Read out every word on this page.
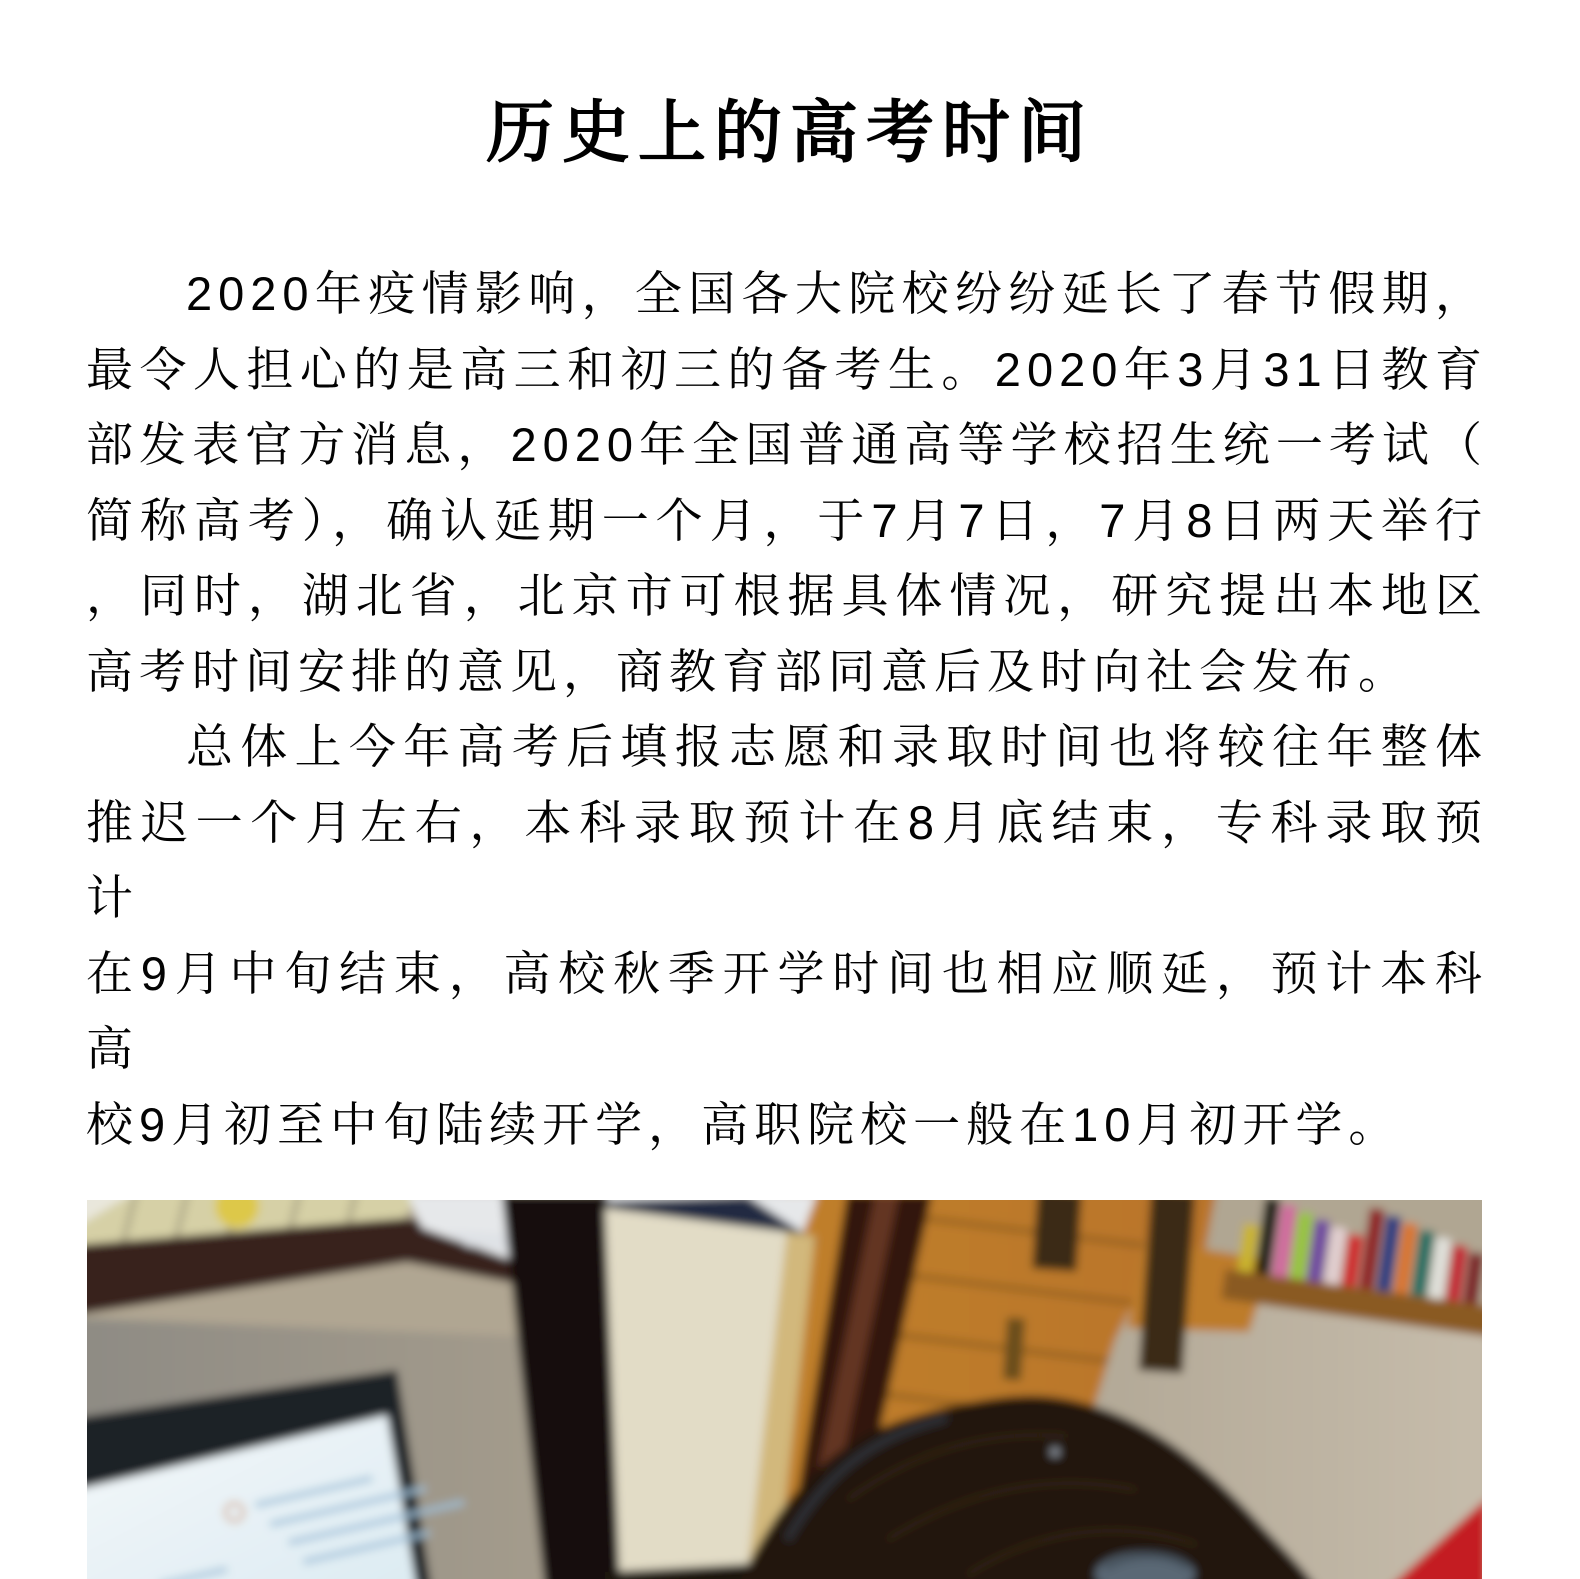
历史上的高考时间
2020年疫情影响，全国各大院校纷纷延长了春节假期，
最令人担心的是高三和初三的备考生。2020年3月31日教育
部发表官方消息，2020年全国普通高等学校招生统一考试（
简称高考），确认延期一个月，于7月7日，7月8日两天举行
，同时，湖北省，北京市可根据具体情况，研究提出本地区
高考时间安排的意见，商教育部同意后及时向社会发布。
总体上今年高考后填报志愿和录取时间也将较往年整体
推迟一个月左右，本科录取预计在8月底结束，专科录取预计
在9月中旬结束，高校秋季开学时间也相应顺延，预计本科高
校9月初至中旬陆续开学，高职院校一般在10月初开学。
